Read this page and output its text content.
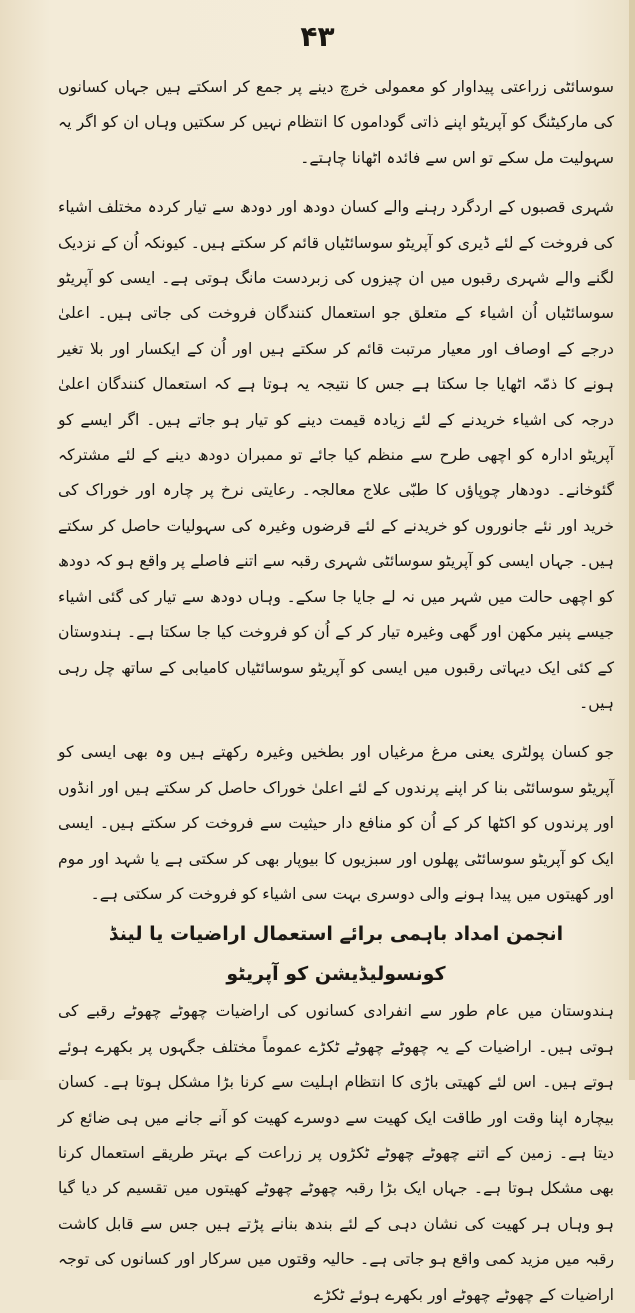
۴۳

سوسائٹی زراعتی پیداوار کو معمولی خرچ دینے پر جمع کر اسکتے ہیں جہاں کسانوں کی مارکیٹنگ کو آپریٹو اپنے ذاتی گوداموں کا انتظام نہیں کر سکتیں وہاں ان کو اگر یہ سہولیت مل سکے تو اس سے فائدہ اٹھانا چاہتے۔

شہری قصبوں کے اردگرد رہنے والے کسان دودھ اور دودھ سے تیار کردہ مختلف اشیاء کی فروخت کے لئے ڈیری کو آپریٹو سوسائٹیاں قائم کر سکتے ہیں۔ کیونکہ اُن کے نزدیک لگنے والے شہری رقبوں میں ان چیزوں کی زبردست مانگ ہوتی ہے۔ ایسی کو آپریٹو سوسائٹیاں اُن اشیاء کے متعلق جو استعمال کنندگان فروخت کی جاتی ہیں۔ اعلیٰ درجے کے اوصاف اور معیار مرتبت قائم کر سکتے ہیں اور اُن کے ایکسار اور بلا تغیر ہونے کا ذمّہ اٹھایا جا سکتا ہے جس کا نتیجہ یہ ہوتا ہے کہ استعمال کنندگان اعلیٰ درجہ کی اشیاء خریدنے کے لئے زیادہ قیمت دینے کو تیار ہو جاتے ہیں۔ اگر ایسے کو آپریٹو ادارہ کو اچھی طرح سے منظم کیا جائے تو ممبران دودھ دینے کے لئے مشترکہ گئوخانے۔ دودھار چوپاؤں کا طبّی علاج معالجہ۔ رعایتی نرخ پر چارہ اور خوراک کی خرید اور نئے جانوروں کو خریدنے کے لئے قرضوں وغیرہ کی سہولیات حاصل کر سکتے ہیں۔ جہاں ایسی کو آپریٹو سوسائٹی شہری رقبہ سے اتنے فاصلے پر واقع ہو کہ دودھ کو اچھی حالت میں شہر میں نہ لے جایا جا سکے۔ وہاں دودھ سے تیار کی گئی اشیاء جیسے پنیر مکھن اور گھی وغیرہ تیار کر کے اُن کو فروخت کیا جا سکتا ہے۔ ہندوستان کے کئی ایک دیہاتی رقبوں میں ایسی کو آپریٹو سوسائٹیاں کامیابی کے ساتھ چل رہی ہیں۔

جو کسان پولٹری یعنی مرغ مرغیاں اور بطخیں وغیرہ رکھتے ہیں وہ بھی ایسی کو آپریٹو سوسائٹی بنا کر اپنے پرندوں کے لئے اعلیٰ خوراک حاصل کر سکتے ہیں اور انڈوں اور پرندوں کو اکٹھا کر کے اُن کو منافع دار حیثیت سے فروخت کر سکتے ہیں۔ ایسی ایک کو آپریٹو سوسائٹی پھلوں اور سبزیوں کا بیوپار بھی کر سکتی ہے یا شہد اور موم اور کھیتوں میں پیدا ہونے والی دوسری بہت سی اشیاء کو فروخت کر سکتی ہے۔

انجمن امداد باہمی برائے استعمال اراضیات یا لینڈ کونسولیڈیشن کو آپریٹو

ہندوستان میں عام طور سے انفرادی کسانوں کی اراضیات چھوٹے چھوٹے رقبے کی ہوتی ہیں۔ اراضیات کے یہ چھوٹے چھوٹے ٹکڑے عموماً مختلف جگہوں پر بکھرے ہوئے ہوتے ہیں۔ اس لئے کھیتی باڑی کا انتظام اہلیت سے کرنا بڑا مشکل ہوتا ہے۔ کسان بیچارہ اپنا وقت اور طاقت ایک کھیت سے دوسرے کھیت کو آنے جانے میں ہی ضائع کر دیتا ہے۔ زمین کے اتنے چھوٹے چھوٹے ٹکڑوں پر زراعت کے بہتر طریقے استعمال کرنا بھی مشکل ہوتا ہے۔ جہاں ایک بڑا رقبہ چھوٹے چھوٹے کھیتوں میں تقسیم کر دیا گیا ہو وہاں ہر کھیت کی نشان دہی کے لئے بندھ بنانے پڑتے ہیں جس سے قابل کاشت رقبہ میں مزید کمی واقع ہو جاتی ہے۔ حالیہ وقتوں میں سرکار اور کسانوں کی توجہ اراضیات کے چھوٹے چھوٹے اور بکھرے ہوئے ٹکڑے
